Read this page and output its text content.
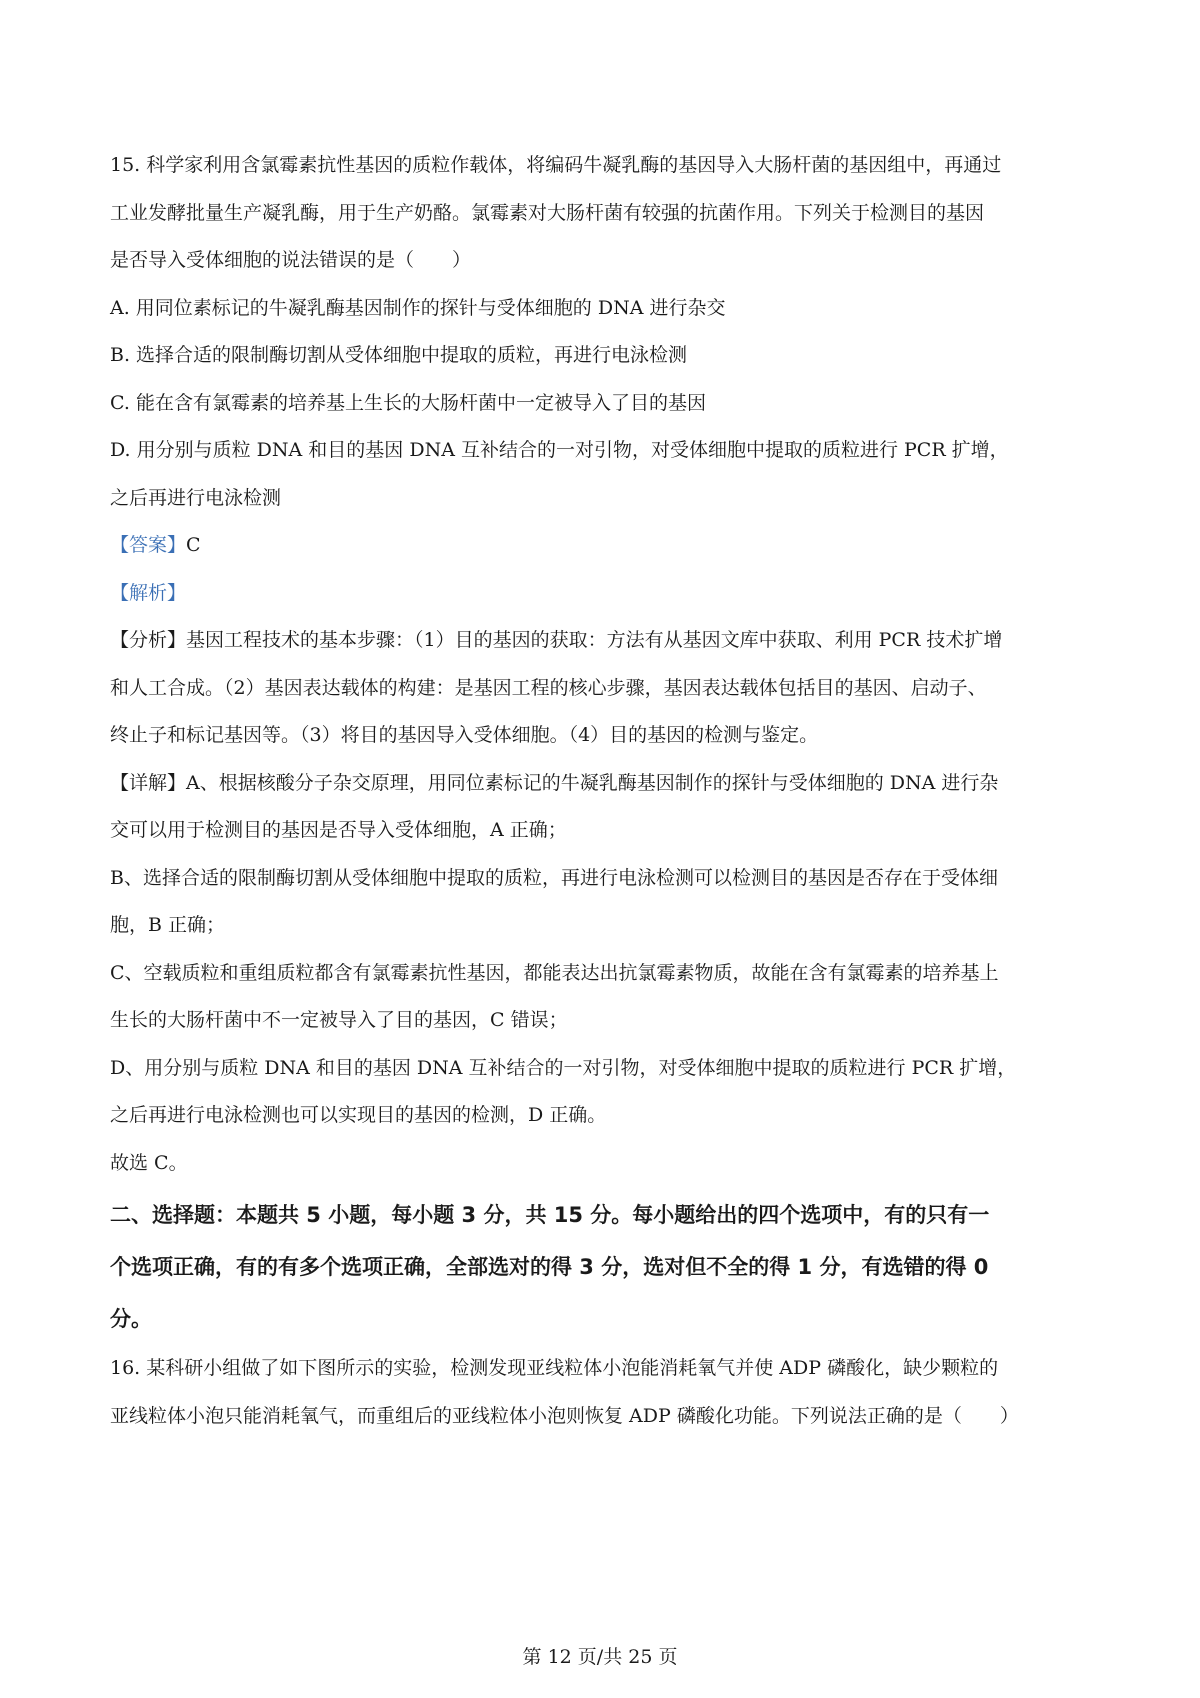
15. 科学家利用含氯霉素抗性基因的质粒作载体，将编码牛凝乳酶的基因导入大肠杆菌的基因组中，再通过
工业发酵批量生产凝乳酶，用于生产奶酪。氯霉素对大肠杆菌有较强的抗菌作用。下列关于检测目的基因
是否导入受体细胞的说法错误的是（　　）
A. 用同位素标记的牛凝乳酶基因制作的探针与受体细胞的 DNA 进行杂交
B. 选择合适的限制酶切割从受体细胞中提取的质粒，再进行电泳检测
C. 能在含有氯霉素的培养基上生长的大肠杆菌中一定被导入了目的基因
D. 用分别与质粒 DNA 和目的基因 DNA 互补结合的一对引物，对受体细胞中提取的质粒进行 PCR 扩增，
之后再进行电泳检测
【答案】C
【解析】
【分析】基因工程技术的基本步骤：（1）目的基因的获取：方法有从基因文库中获取、利用 PCR 技术扩增
和人工合成。（2）基因表达载体的构建：是基因工程的核心步骤，基因表达载体包括目的基因、启动子、
终止子和标记基因等。（3）将目的基因导入受体细胞。（4）目的基因的检测与鉴定。
【详解】A、根据核酸分子杂交原理，用同位素标记的牛凝乳酶基因制作的探针与受体细胞的 DNA 进行杂
交可以用于检测目的基因是否导入受体细胞，A 正确；
B、选择合适的限制酶切割从受体细胞中提取的质粒，再进行电泳检测可以检测目的基因是否存在于受体细
胞，B 正确；
C、空载质粒和重组质粒都含有氯霉素抗性基因，都能表达出抗氯霉素物质，故能在含有氯霉素的培养基上
生长的大肠杆菌中不一定被导入了目的基因，C 错误；
D、用分别与质粒 DNA 和目的基因 DNA 互补结合的一对引物，对受体细胞中提取的质粒进行 PCR 扩增，
之后再进行电泳检测也可以实现目的基因的检测，D 正确。
故选 C。
二、选择题：本题共 5 小题，每小题 3 分，共 15 分。每小题给出的四个选项中，有的只有一
个选项正确，有的有多个选项正确，全部选对的得 3 分，选对但不全的得 1 分，有选错的得 0
分。
16. 某科研小组做了如下图所示的实验，检测发现亚线粒体小泡能消耗氧气并使 ADP 磷酸化，缺少颗粒的
亚线粒体小泡只能消耗氧气，而重组后的亚线粒体小泡则恢复 ADP 磷酸化功能。下列说法正确的是（　　）
第 12 页/共 25 页
